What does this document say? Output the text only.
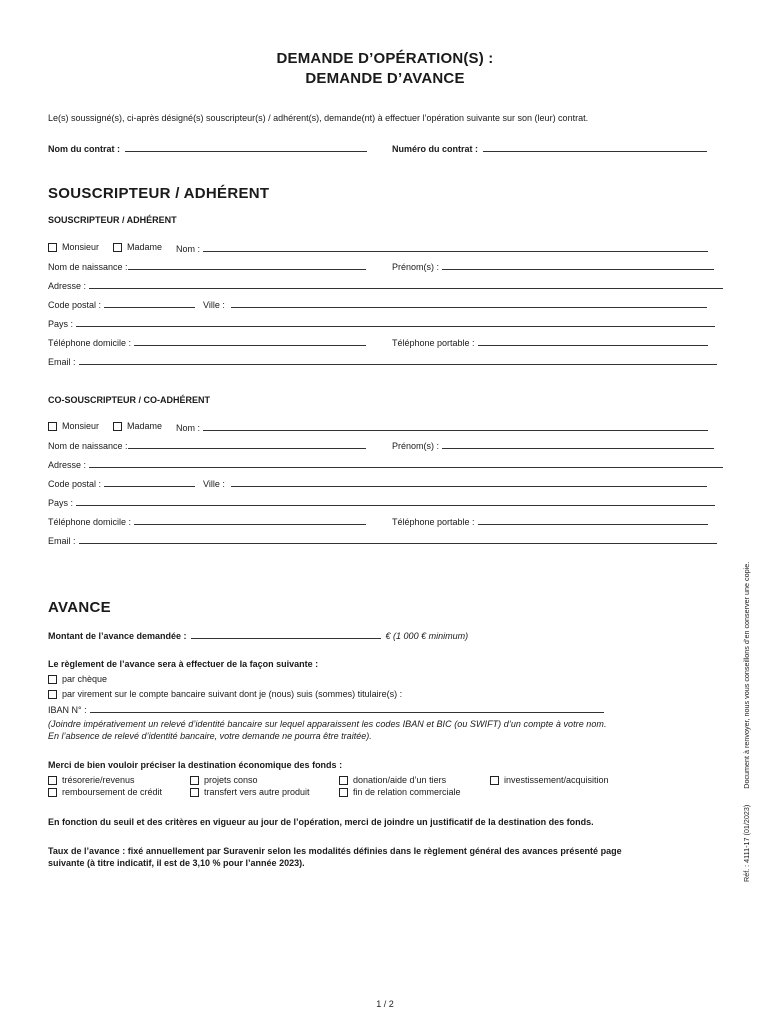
DEMANDE D’OPÉRATION(S) :
DEMANDE D’AVANCE
Le(s) soussigné(s), ci-après désigné(s) souscripteur(s) / adhérent(s), demande(nt) à effectuer l’opération suivante sur son (leur) contrat.
Nom du contrat :	Numéro du contrat :
SOUSCRIPTEUR / ADHÉRENT
SOUSCRIPTEUR / ADHÉRENT
Monsieur	Madame Nom :
Nom de naissance :	Prénom(s) :
Adresse :
Code postal :	Ville :
Pays :
Téléphone domicile :	Téléphone portable :
Email :
CO-SOUSCRIPTEUR / CO-ADHÉRENT
Monsieur	Madame Nom :
Nom de naissance :	Prénom(s) :
Adresse :
Code postal :	Ville :
Pays :
Téléphone domicile :	Téléphone portable :
Email :
AVANCE
Montant de l’avance demandée :	€ (1 000 € minimum)
Le règlement de l’avance sera à effectuer de la façon suivante :
par chèque
par virement sur le compte bancaire suivant dont je (nous) suis (sommes) titulaire(s) :
IBAN N° :
(Joindre impérativement un relevé d’identité bancaire sur lequel apparaissent les codes IBAN et BIC (ou SWIFT) d’un compte à votre nom.
En l’absence de relevé d’identité bancaire, votre demande ne pourra être traitée).
Merci de bien vouloir préciser la destination économique des fonds :
trésorerie/revenus	projets conso	donation/aide d’un tiers	investissement/acquisition
remboursement de crédit	transfert vers autre produit	fin de relation commerciale
En fonction du seuil et des critères en vigueur au jour de l’opération, merci de joindre un justificatif de la destination des fonds.
Taux de l’avance : fixé annuellement par Suravenir selon les modalités définies dans le règlement général des avances présenté page
suivante (à titre indicatif, il est de 3,10 % pour l’année 2023).	Réf. : 4111-17 (01/2023) Document à renvoyer, nous vous conseillons d’en conserver une copie.
1 / 2
